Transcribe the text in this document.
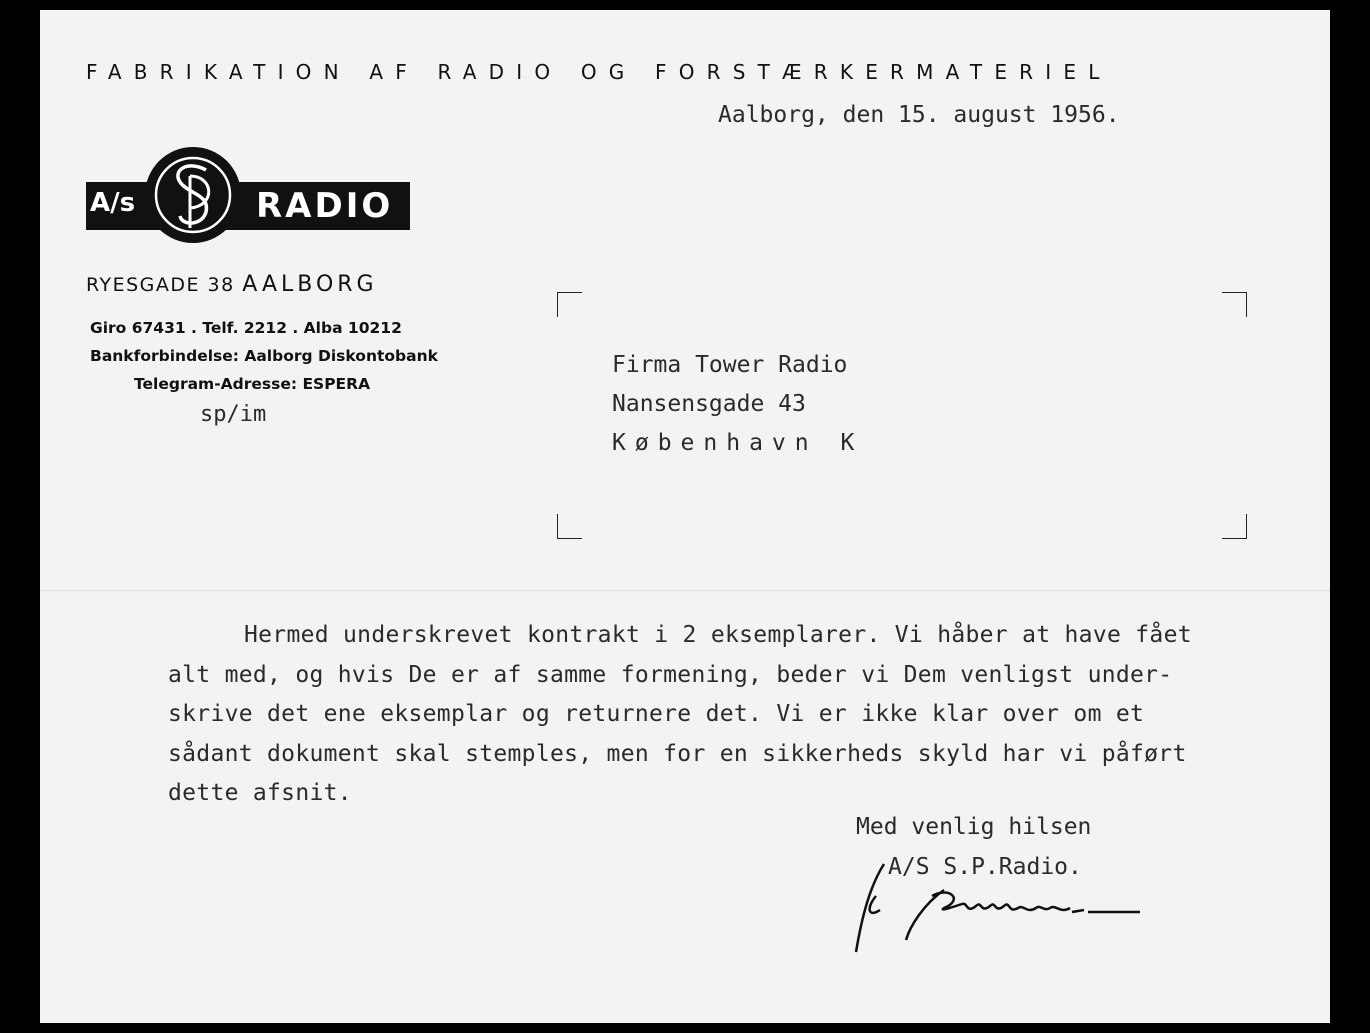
FABRIKATION AF RADIO OG FORSTÆRKERMATERIEL
Aalborg, den 15. august 1956.
A/s	RADIO
RYESGADE 38 AALBORG
Giro 67431 . Telf. 2212 . Alba 10212
Bankforbindelse: Aalborg Diskontobank
Telegram-Adresse: ESPERA
sp/im
Firma Tower Radio
Nansensgade 43
København K
Hermed underskrevet kontrakt i 2 eksemplarer. Vi håber at have fået
alt med, og hvis De er af samme formening, beder vi Dem venligst under-
skrive det ene eksemplar og returnere det. Vi er ikke klar over om et
sådant dokument skal stemples, men for en sikkerheds skyld har vi påført
dette afsnit.
Med venlig hilsen
A/S S.P.Radio.
